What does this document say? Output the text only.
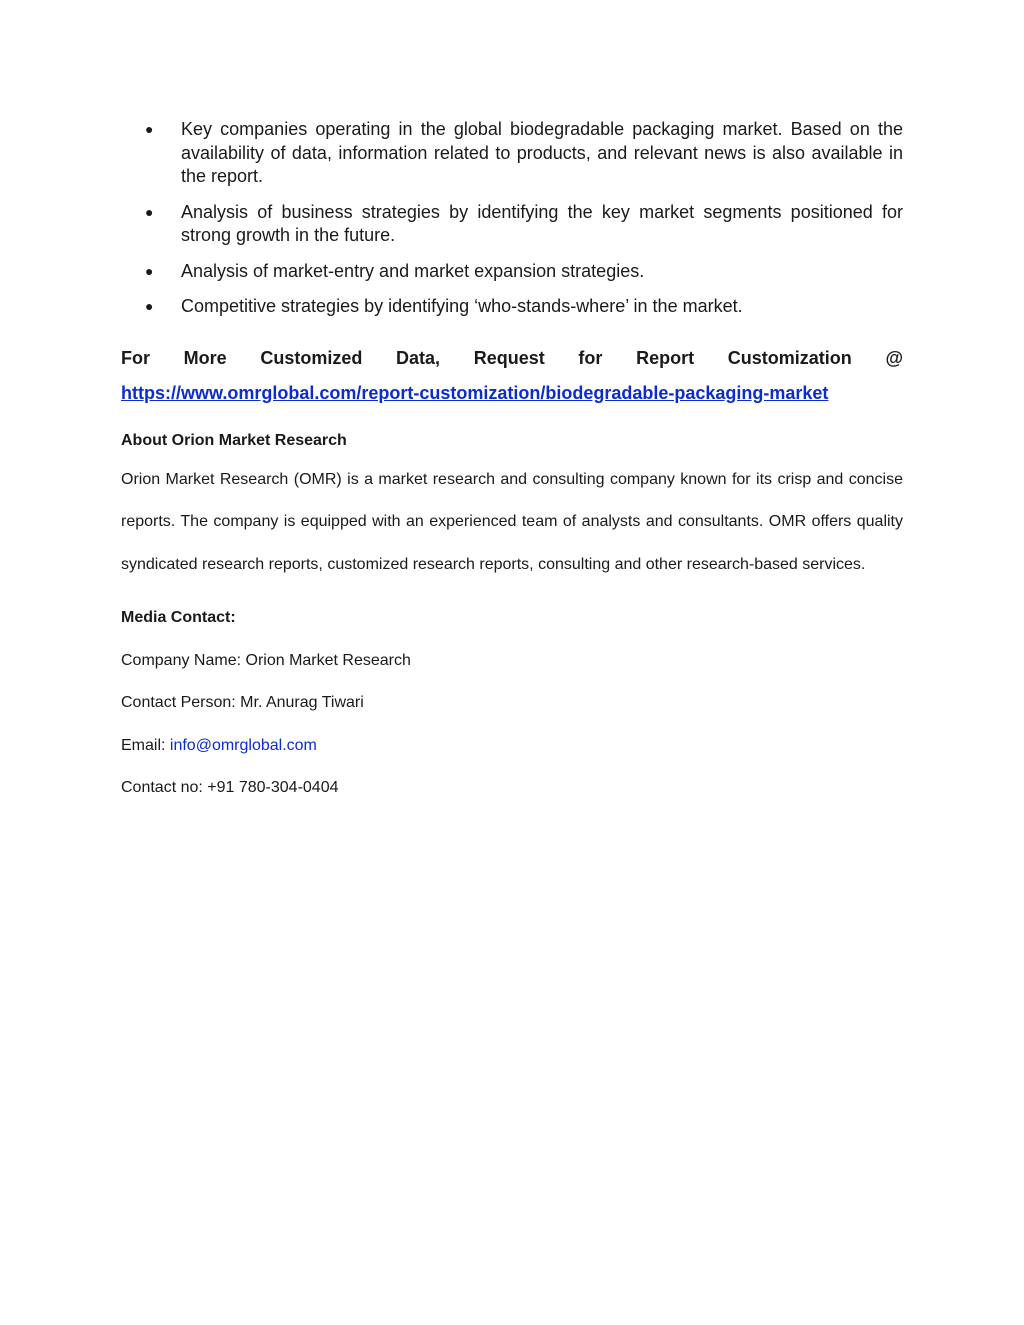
● Key companies operating in the global biodegradable packaging market. Based on the availability of data, information related to products, and relevant news is also available in the report.
● Analysis of business strategies by identifying the key market segments positioned for strong growth in the future.
● Analysis of market-entry and market expansion strategies.
● Competitive strategies by identifying ‘who-stands-where’ in the market.
For More Customized Data, Request for Report Customization @
https://www.omrglobal.com/report-customization/biodegradable-packaging-market
About Orion Market Research
Orion Market Research (OMR) is a market research and consulting company known for its crisp and concise reports. The company is equipped with an experienced team of analysts and consultants. OMR offers quality syndicated research reports, customized research reports, consulting and other research-based services.
Media Contact:
Company Name: Orion Market Research
Contact Person: Mr. Anurag Tiwari
Email: info@omrglobal.com
Contact no: +91 780-304-0404
